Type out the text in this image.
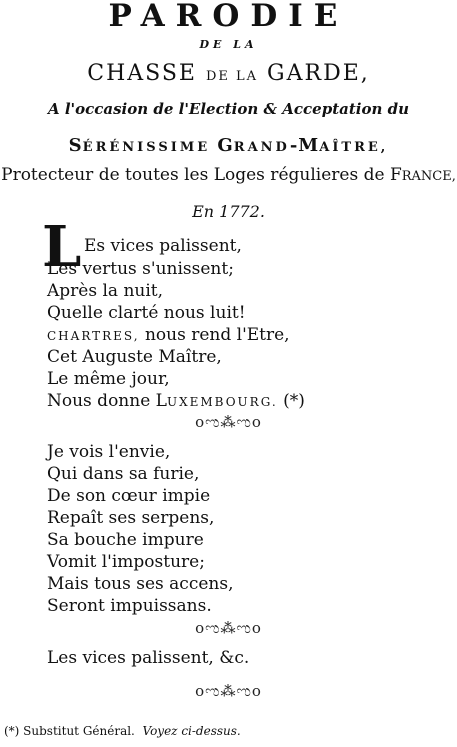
PARODIE
DE LA
CHASSE DE LA GARDE,
A l'occasion de l'Election & Acceptation du
SÉRÉNISSIME GRAND-MAÎTRE,
Protecteur de toutes les Loges régulieres de FRANCE,
En 1772.
L Es vices palissent,
Les vertus s'unissent;
Après la nuit,
Quelle clarté nous luit!
CHARTRES, nous rend l'Etre,
Cet Auguste Maître,
Le même jour,
Nous donne LUXEMBOURG. (*)
oಌ⁂ಌo
Je vois l'envie,
Qui dans sa furie,
De son cœur impie
Repaît ses serpens,
Sa bouche impure
Vomit l'imposture;
Mais tous ses accens,
Seront impuissans.
oಌ⁂ಌo
Les vices palissent, &c.
oಌ⁂ಌo
(*) Substitut Général. Voyez ci-dessus.
